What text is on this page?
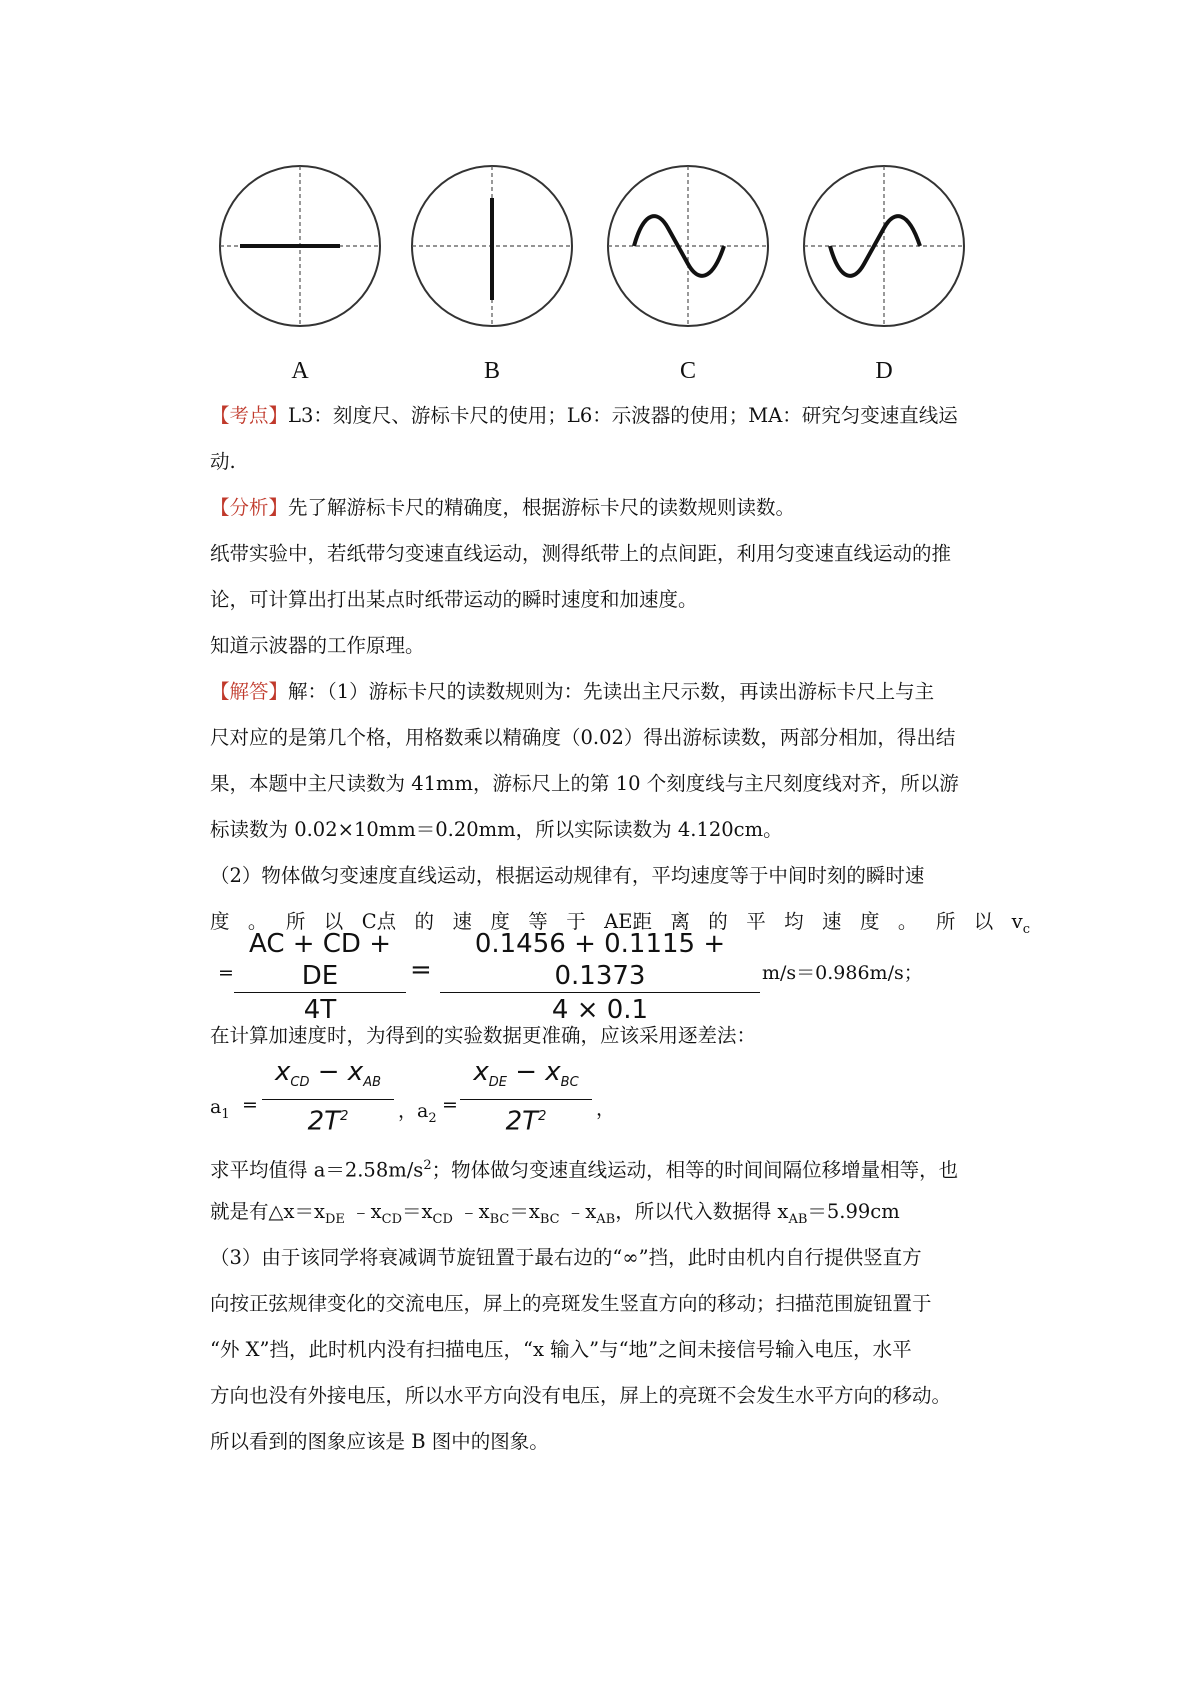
A	B	C	D
【考点】L3：刻度尺、游标卡尺的使用；L6：示波器的使用；MA：研究匀变速直线运
动.
【分析】先了解游标卡尺的精确度，根据游标卡尺的读数规则读数。
纸带实验中，若纸带匀变速直线运动，测得纸带上的点间距，利用匀变速直线运动的推
论，可计算出打出某点时纸带运动的瞬时速度和加速度。
知道示波器的工作原理。
【解答】解：（1）游标卡尺的读数规则为：先读出主尺示数，再读出游标卡尺上与主
尺对应的是第几个格，用格数乘以精确度（0.02）得出游标读数，两部分相加，得出结
果，本题中主尺读数为 41mm，游标尺上的第 10 个刻度线与主尺刻度线对齐，所以游
标读数为 0.02×10mm＝0.20mm，所以实际读数为 4.120cm。
（2）物体做匀变速度直线运动，根据运动规律有，平均速度等于中间时刻的瞬时速
度 。 所 以 C点 的 速 度 等 于 AE距 离 的 平 均 速 度 。 所 以 $v_c$
=
AC + CD + DE
4T
=
0.1456 + 0.1115 + 0.1373
4 × 0.1
m/s＝0.986m/s；
在计算加速度时，为得到的实验数据更准确，应该采用逐差法：
$a_1$ =
$x_{CD} - x_{AB}$
$2T^2$	，$a_2$
=
$x_{DE} - x_{BC}$
$2T^2$	，
求平均值得 $a=2.58m/s^2$；物体做匀变速直线运动，相等的时间间隔位移增量相等，也
就是有$\triangle x=x_{DE}$ $﹣x_{CD}=x_{CD}$ $﹣x_{BC}=x_{BC}$ $﹣x_{AB}$，所以代入数据得 $x_{AB}=5.99cm$
（3）由于该同学将衰减调节旋钮置于最右边的“∞”挡，此时由机内自行提供竖直方
向按正弦规律变化的交流电压，屏上的亮斑发生竖直方向的移动；扫描范围旋钮置于
“外 X”挡，此时机内没有扫描电压，“x 输入”与“地”之间未接信号输入电压，水平
方向也没有外接电压，所以水平方向没有电压，屏上的亮斑不会发生水平方向的移动。
所以看到的图象应该是 B 图中的图象。
